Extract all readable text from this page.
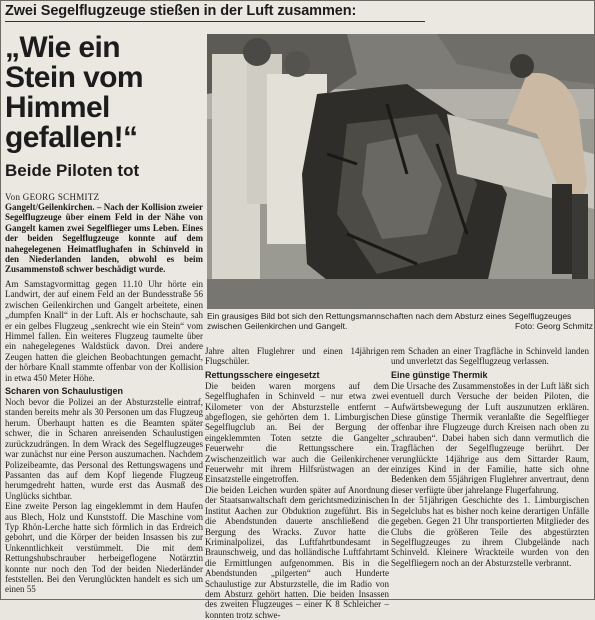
Zwei Segelflugzeuge stießen in der Luft zusammen:
„Wie ein
Stein vom
Himmel
gefallen!“
Beide Piloten tot
Von GEORG SCHMITZ
Gangelt/Geilenkirchen. – Nach der Kollision zweier Segelflugzeuge über einem Feld in der Nähe von Gangelt kamen zwei Segelflieger ums Leben. Eines der beiden Segelflugzeuge konnte auf dem nahegelegenen Heimatflughafen in Schinveld in den Niederlanden landen, obwohl es beim Zusammenstoß schwer beschädigt wurde.
Ein grausiges Bild bot sich den Rettungsmannschaften nach dem Absturz eines Segelflugzeuges zwischen Geilenkirchen und Gangelt.	Foto: Georg Schmitz

Am Samstagvormittag gegen 11.10 Uhr hörte ein Landwirt, der auf einem Feld an der Bundesstraße 56 zwischen Geilenkirchen und Gangelt arbeitete, einen „dumpfen Knall“ in der Luft. Als er hochschaute, sah er ein gelbes Flugzeug „senkrecht wie ein Stein“ vom Himmel fallen. Ein weiteres Flugzeug taumelte über ein nahegelegenes Waldstück davon. Drei andere Zeugen hatten die gleichen Beobachtungen gemacht, der hörbare Knall stammte offenbar von der Kollision in etwa 450 Meter Höhe.

Scharen von Schaulustigen

Noch bevor die Polizei an der Absturzstelle eintraf, standen bereits mehr als 30 Personen um das Flugzeug herum. Überhaupt hatten es die Beamten später schwer, die in Scharen anreisenden Schaulustigen zurückzudrängen. In dem Wrack des Segelflugzeuges war zunächst nur eine Person auszumachen. Nachdem Polizeibeamte, das Personal des Rettungswagens und Passanten das auf dem Kopf liegende Flugzeug herumgedreht hatten, wurde erst das Ausmaß des Unglücks sichtbar.

Eine zweite Person lag eingeklemmt in dem Haufen aus Blech, Holz und Kunststoff. Die Maschine vom Typ Rhön-Lerche hatte sich förmlich in das Erdreich gebohrt, und die Körper der beiden Insassen bis zur Unkenntlichkeit verstümmelt. Die mit dem Rettungshubschrauber herbeigeflogene Notärztin konnte nur noch den Tod der beiden Niederländer feststellen. Bei den Verunglückten handelt es sich um einen 55

Jahre alten Fluglehrer und einen 14jährigen Flugschüler.

Rettungsschere eingesetzt

Die beiden waren morgens auf dem Segelflughafen in Schinveld – nur etwa zwei Kilometer von der Absturzstelle entfernt – abgeflogen, sie gehörten dem 1. Limburgischen Segelflugclub an. Bei der Bergung der eingeklemmten Toten setzte die Gangelter Feuerwehr die Rettungsschere ein. Zwischenzeitlich war auch die Geilenkirchener Feuerwehr mit ihrem Hilfsrüstwagen an der Einsatzstelle eingetroffen.

Die beiden Leichen wurden später auf Anordnung der Staatsanwaltschaft dem gerichtsmedizinischen Institut Aachen zur Obduktion zugeführt. Bis in die Abendstunden dauerte anschließend die Bergung des Wracks. Zuvor hatte die Kriminalpolizei, das Luftfahrtbundesamt in Braunschweig, und das holländische Luftfahrtamt die Ermittlungen aufgenommen. Bis in die Abendstunden „pilgerten“ auch Hunderte Schaulustige zur Absturzstelle, die im Radio von dem Absturz gehört hatten. Die beiden Insassen des zweiten Flugzeuges – einer K 8 Schleicher – konnten trotz schwe-

rem Schaden an einer Tragfläche in Schinveld landen und unverletzt das Segelflugzeug verlassen.

Eine günstige Thermik

Die Ursache des Zusammenstoßes in der Luft läßt sich eventuell durch Versuche der beiden Piloten, die Aufwärtsbewegung der Luft auszunutzen erklären. Diese günstige Thermik veranlaßte die Segelflieger offenbar ihre Flugzeuge durch Kreisen nach oben zu „schrauben“. Dabei haben sich dann vermutlich die Tragflächen der Segelflugzeuge berührt. Der verunglückte 14jährige aus dem Sittarder Raum, einziges Kind in der Familie, hatte sich ohne Bedenken dem 55jährigen Fluglehrer anvertraut, denn dieser verfügte über jahrelange Flugerfahrung.

In der 51jährigen Geschichte des 1. Limburgischen Segelclubs hat es bisher noch keine derartigen Unfälle gegeben. Gegen 21 Uhr transportierten Mitglieder des Clubs die größeren Teile des abgestürzten Segelflugzeuges zu ihrem Clubgelände nach Schinveld. Kleinere Wrackteile wurden von den Segelfliegern noch an der Absturzstelle verbrannt.
